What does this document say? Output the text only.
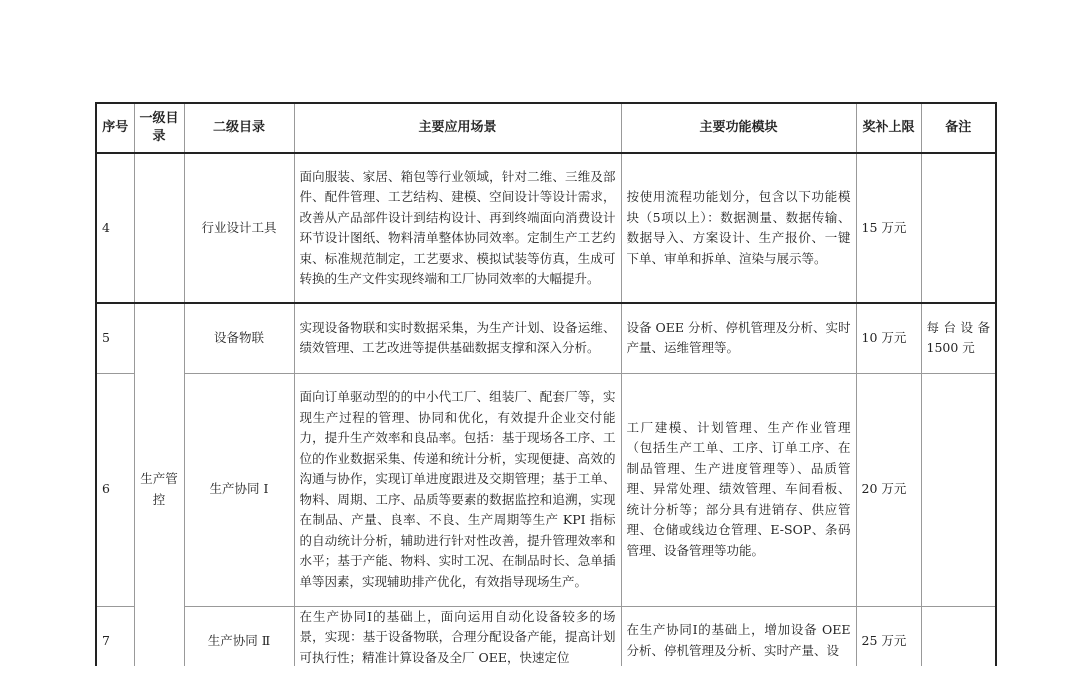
序号	一级目录	二级目录	主要应用场景	主要功能模块	奖补上限	备注
4		行业设计工具	面向服装、家居、箱包等行业领域，针对二维、三维及部件、配件管理、工艺结构、建模、空间设计等设计需求，改善从产品部件设计到结构设计、再到终端面向消费设计环节设计图纸、物料清单整体协同效率。定制生产工艺约束、标准规范制定，工艺要求、模拟试装等仿真，生成可转换的生产文件实现终端和工厂协同效率的大幅提升。	按使用流程功能划分，包含以下功能模块（5项以上）：数据测量、数据传输、数据导入、方案设计、生产报价、一键下单、审单和拆单、渲染与展示等。	15 万元	
5	生产管控	设备物联	实现设备物联和实时数据采集，为生产计划、设备运维、绩效管理、工艺改进等提供基础数据支撑和深入分析。	设备 OEE 分析、停机管理及分析、实时产量、运维管理等。	10 万元	每台设备 1500 元
6		生产协同 Ⅰ	面向订单驱动型的的中小代工厂、组装厂、配套厂等，实现生产过程的管理、协同和优化，有效提升企业交付能力，提升生产效率和良品率。包括：基于现场各工序、工位的作业数据采集、传递和统计分析，实现便捷、高效的沟通与协作，实现订单进度跟进及交期管理；基于工单、物料、周期、工序、品质等要素的数据监控和追溯，实现在制品、产量、良率、不良、生产周期等生产 KPI 指标的自动统计分析，辅助进行针对性改善，提升管理效率和水平；基于产能、物料、实时工况、在制品时长、急单插单等因素，实现辅助排产优化，有效指导现场生产。	工厂建模、计划管理、生产作业管理（包括生产工单、工序、订单工序、在制品管理、生产进度管理等）、品质管理、异常处理、绩效管理、车间看板、统计分析等；部分具有进销存、供应管理、仓储或线边仓管理、E-SOP、条码管理、设备管理等功能。	20 万元	
7		生产协同 Ⅱ	在生产协同Ⅰ的基础上，面向运用自动化设备较多的场景，实现：基于设备物联，合理分配设备产能，提高计划可执行性；精准计算设备及全厂 OEE，快速定位	在生产协同Ⅰ的基础上，增加设备 OEE 分析、停机管理及分析、实时产量、设	25 万元	
